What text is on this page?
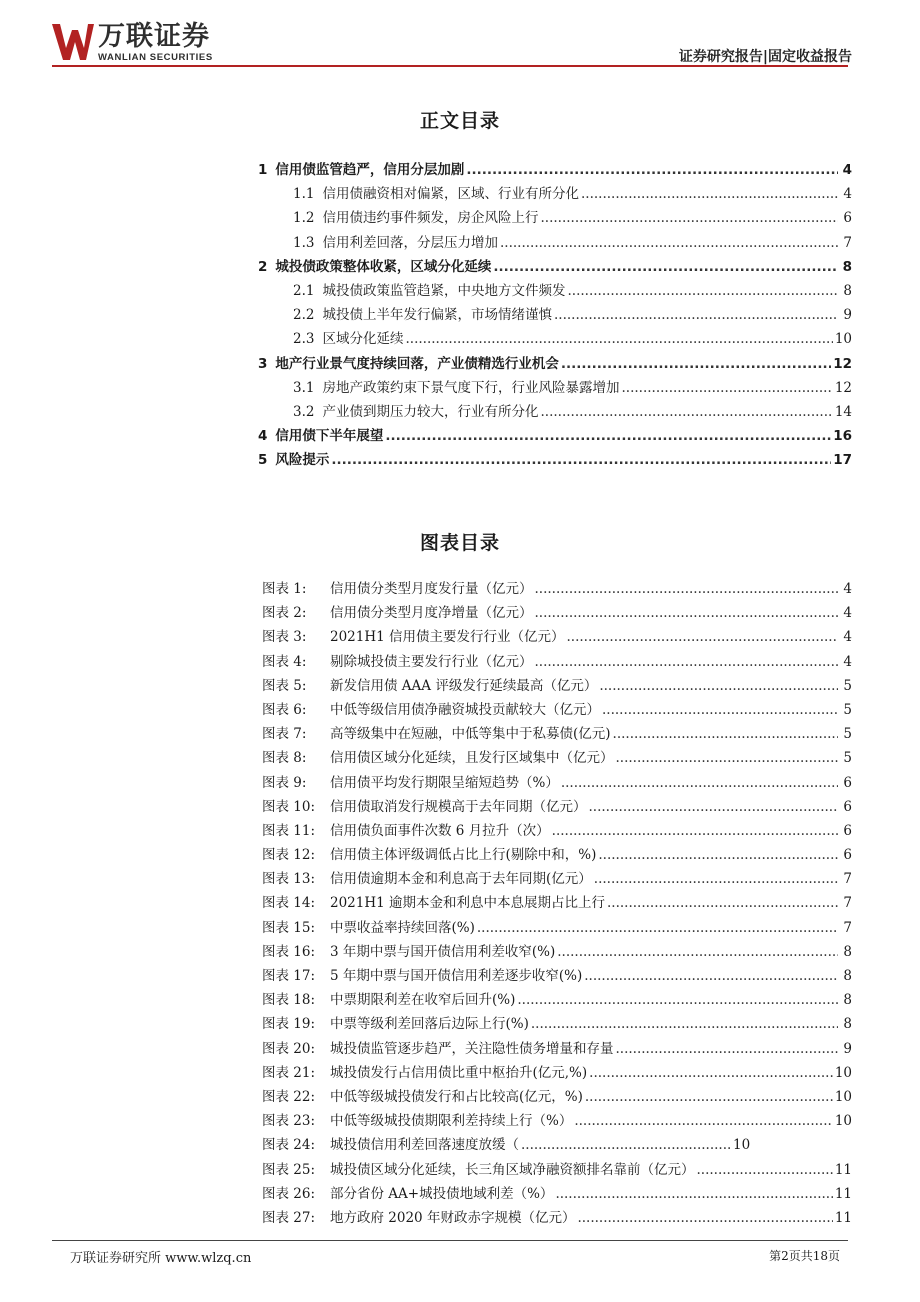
万联证券
WANLIAN SECURITIES	证券研究报告|固定收益报告
正文目录
1 信用债监管趋严，信用分层加剧 .....	4
1.1 信用债融资相对偏紧，区域、行业有所分化 .....	4
1.2 信用债违约事件频发，房企风险上行 .....	6
1.3 信用利差回落，分层压力增加 .....	7
2 城投债政策整体收紧，区域分化延续 .....	8
2.1 城投债政策监管趋紧，中央地方文件频发 .....	8
2.2 城投债上半年发行偏紧，市场情绪谨慎 .....	9
2.3 区域分化延续 .....	10
3 地产行业景气度持续回落，产业债精选行业机会 .....	12
3.1 房地产政策约束下景气度下行，行业风险暴露增加 .....	12
3.2 产业债到期压力较大，行业有所分化 .....	14
4 信用债下半年展望 .....	16
5 风险提示 .....	17
图表目录
图表 1:	信用债分类型月度发行量（亿元） .....	4
图表 2:	信用债分类型月度净增量（亿元） .....	4
图表 3:	2021H1 信用债主要发行行业（亿元） .....	4
图表 4:	剔除城投债主要发行行业（亿元） .....	4
图表 5:	新发信用债 AAA 评级发行延续最高（亿元） .....	5
图表 6:	中低等级信用债净融资城投贡献较大（亿元） .....	5
图表 7:	高等级集中在短融，中低等集中于私募债(亿元) .....	5
图表 8:	信用债区域分化延续，且发行区域集中（亿元） .....	5
图表 9:	信用债平均发行期限呈缩短趋势（%） .....	6
图表 10:	信用债取消发行规模高于去年同期（亿元） .....	6
图表 11:	信用债负面事件次数 6 月拉升（次） .....	6
图表 12:	信用债主体评级调低占比上行(剔除中和，%) .....	6
图表 13:	信用债逾期本金和利息高于去年同期(亿元） .....	7
图表 14:	2021H1 逾期本金和利息中本息展期占比上行 .....	7
图表 15:	中票收益率持续回落(%) .....	7
图表 16:	3 年期中票与国开债信用利差收窄(%) .....	8
图表 17:	5 年期中票与国开债信用利差逐步收窄(%) .....	8
图表 18:	中票期限利差在收窄后回升(%) .....	8
图表 19:	中票等级利差回落后边际上行(%) .....	8
图表 20:	城投债监管逐步趋严，关注隐性债务增量和存量 .....	9
图表 21:	城投债发行占信用债比重中枢抬升(亿元,%) .....	10
图表 22:	中低等级城投债发行和占比较高(亿元，%) .....	10
图表 23:	中低等级城投债期限利差持续上行（%） .....	10
图表 24:	城投债信用利差回落速度放缓（ .....	10
图表 25:	城投债区域分化延续，长三角区域净融资额排名靠前（亿元） .....	11
图表 26:	部分省份 AA+城投债地域利差（%） .....	11
图表 27:	地方政府 2020 年财政赤字规模（亿元） .....	11
万联证券研究所 www.wlzq.cn	第2页共18页
